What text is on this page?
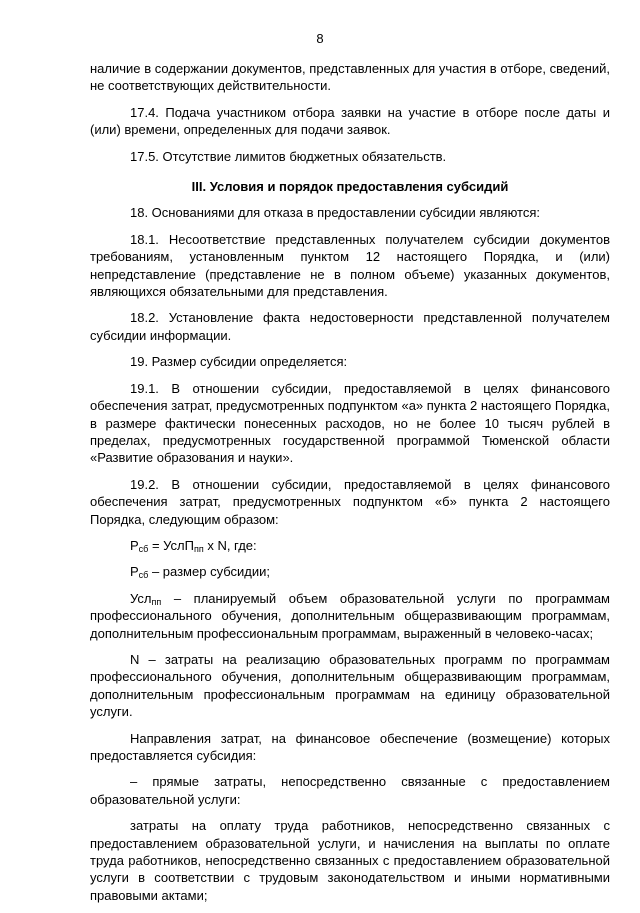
8

наличие в содержании документов, представленных для участия в отборе, сведений, не соответствующих действительности.

17.4. Подача участником отбора заявки на участие в отборе после даты и (или) времени, определенных для подачи заявок.

17.5. Отсутствие лимитов бюджетных обязательств.

III. Условия и порядок предоставления субсидий

18. Основаниями для отказа в предоставлении субсидии являются:

18.1. Несоответствие представленных получателем субсидии документов требованиям, установленным пунктом 12 настоящего Порядка, и (или) непредставление (представление не в полном объеме) указанных документов, являющихся обязательными для представления.

18.2. Установление факта недостоверности представленной получателем субсидии информации.

19. Размер субсидии определяется:

19.1. В отношении субсидии, предоставляемой в целях финансового обеспечения затрат, предусмотренных подпунктом «а» пункта 2 настоящего Порядка, в размере фактически понесенных расходов, но не более 10 тысяч рублей в пределах, предусмотренных государственной программой Тюменской области «Развитие образования и науки».

19.2. В отношении субсидии, предоставляемой в целях финансового обеспечения затрат, предусмотренных подпунктом «б» пункта 2 настоящего Порядка, следующим образом:

$Р_{сб}$ = УслП$_{пп}$ х N, где:

$Р_{сб}$ – размер субсидии;

Усл$_{пп}$ – планируемый объем образовательной услуги по программам профессионального обучения, дополнительным общеразвивающим программам, дополнительным профессиональным программам, выраженный в человеко-часах;

N – затраты на реализацию образовательных программ по программам профессионального обучения, дополнительным общеразвивающим программам, дополнительным профессиональным программам на единицу образовательной услуги.

Направления затрат, на финансовое обеспечение (возмещение) которых предоставляется субсидия:

– прямые затраты, непосредственно связанные с предоставлением образовательной услуги:

затраты на оплату труда работников, непосредственно связанных с предоставлением образовательной услуги, и начисления на выплаты по оплате труда работников, непосредственно связанных с предоставлением образовательной услуги в соответствии с трудовым законодательством и иными нормативными правовыми актами;
